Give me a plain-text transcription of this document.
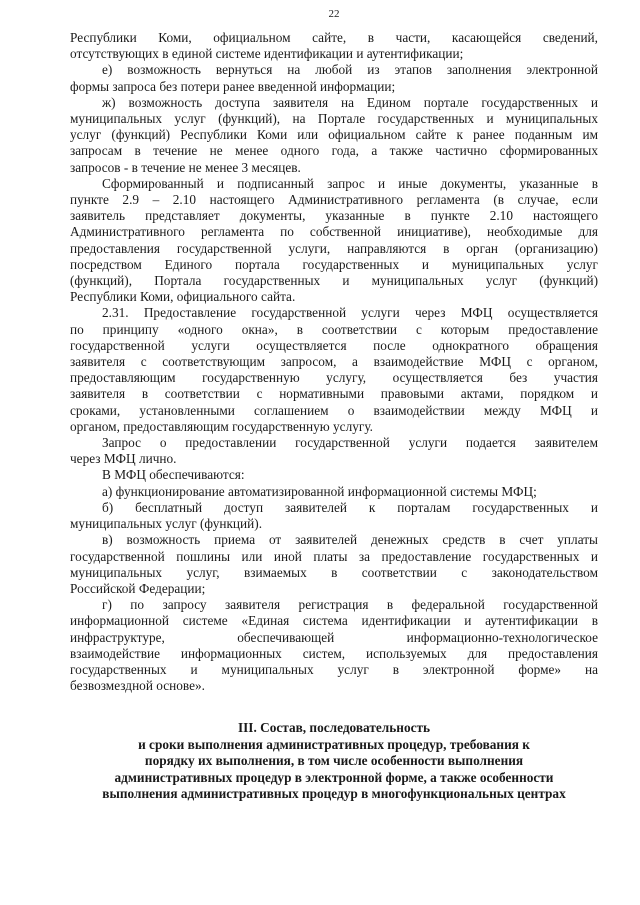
22

Республики Коми, официальном сайте, в части, касающейся сведений,
отсутствующих в единой системе идентификации и аутентификации;

е) возможность вернуться на любой из этапов заполнения электронной
формы запроса без потери ранее введенной информации;

ж) возможность доступа заявителя на Едином портале государственных и
муниципальных услуг (функций), на Портале государственных и муниципальных
услуг (функций) Республики Коми или официальном сайте к ранее поданным им
запросам в течение не менее одного года, а также частично сформированных
запросов - в течение не менее 3 месяцев.

Сформированный и подписанный запрос и иные документы, указанные в
пункте 2.9 – 2.10 настоящего Административного регламента (в случае, если
заявитель представляет документы, указанные в пункте 2.10 настоящего
Административного регламента по собственной инициативе), необходимые для
предоставления государственной услуги, направляются в орган (организацию)
посредством Единого портала государственных и муниципальных услуг
(функций), Портала государственных и муниципальных услуг (функций)
Республики Коми, официального сайта.

2.31. Предоставление государственной услуги через МФЦ осуществляется
по принципу «одного окна», в соответствии с которым предоставление
государственной услуги осуществляется после однократного обращения
заявителя с соответствующим запросом, а взаимодействие МФЦ с органом,
предоставляющим государственную услугу, осуществляется без участия
заявителя в соответствии с нормативными правовыми актами, порядком и
сроками, установленными соглашением о взаимодействии между МФЦ и
органом, предоставляющим государственную услугу.

Запрос о предоставлении государственной услуги подается заявителем
через МФЦ лично.

В МФЦ обеспечиваются:

а) функционирование автоматизированной информационной системы МФЦ;

б) бесплатный доступ заявителей к порталам государственных и
муниципальных услуг (функций).

в) возможность приема от заявителей денежных средств в счет уплаты
государственной пошлины или иной платы за предоставление государственных и
муниципальных услуг, взимаемых в соответствии с законодательством
Российской Федерации;

г) по запросу заявителя регистрация в федеральной государственной
информационной системе «Единая система идентификации и аутентификации в
инфраструктуре, обеспечивающей информационно-технологическое
взаимодействие информационных систем, используемых для предоставления
государственных и муниципальных услуг в электронной форме» на
безвозмездной основе».

III. Состав, последовательность
и сроки выполнения административных процедур, требования к
порядку их выполнения, в том числе особенности выполнения
административных процедур в электронной форме, а также особенности
выполнения административных процедур в многофункциональных центрах
